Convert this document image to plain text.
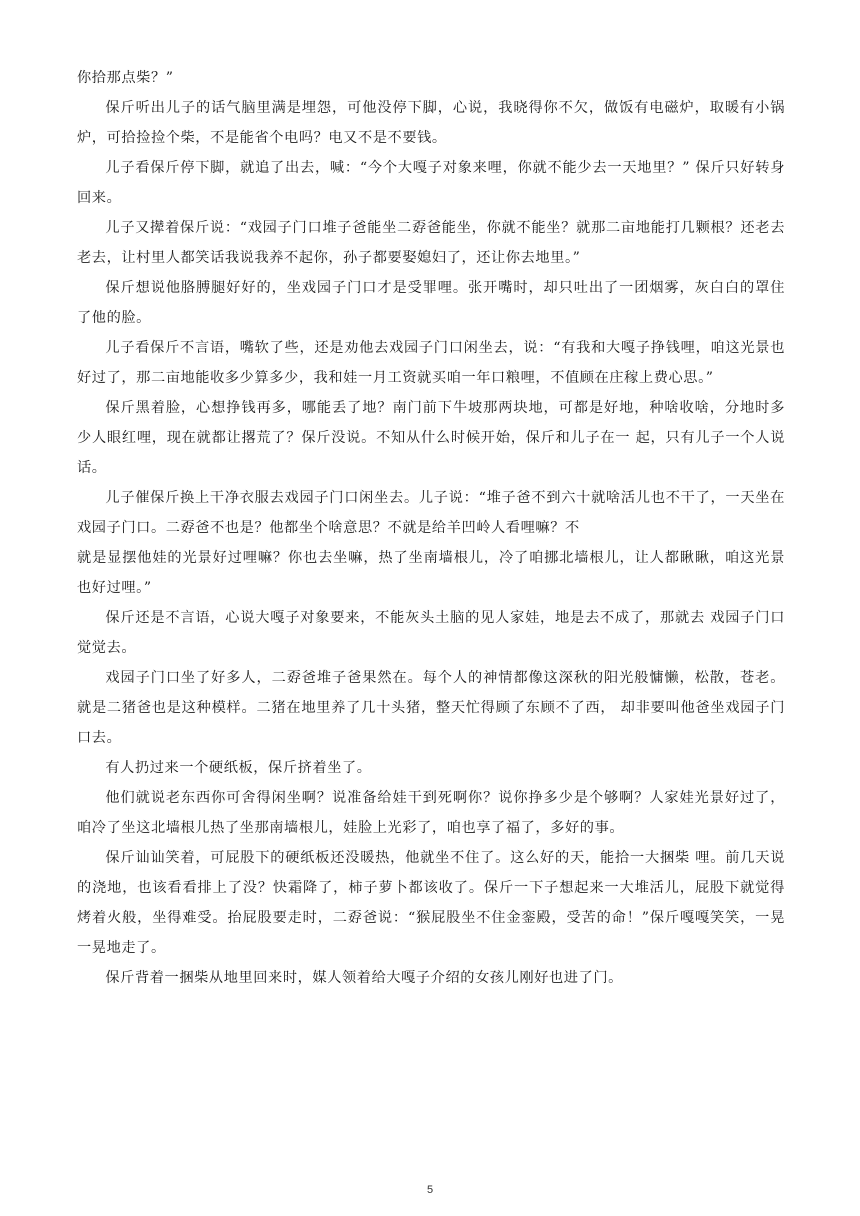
你拾那点柴？”

保斤听出儿子的话气脑里满是埋怨，可他没停下脚，心说，我晓得你不欠，做饭有电磁炉，取暖有小锅炉，可拾捡捡个柴，不是能省个电吗？电又不是不要钱。

儿子看保斤停下脚，就追了出去，喊：“今个大嘎子对象来哩，你就不能少去一天地里？” 保斤只好转身回来。

儿子又撵着保斤说：“戏园子门口堆子爸能坐二孬爸能坐，你就不能坐？就那二亩地能打几颗根？还老去老去，让村里人都笑话我说我养不起你，孙子都要娶媳妇了，还让你去地里。”

保斤想说他胳膊腿好好的，坐戏园子门口才是受罪哩。张开嘴时，却只吐出了一团烟雾，灰白白的罩住了他的脸。

儿子看保斤不言语，嘴软了些，还是劝他去戏园子门口闲坐去，说：“有我和大嘎子挣钱哩，咱这光景也好过了，那二亩地能收多少算多少，我和娃一月工资就买咱一年口粮哩，不值顾在庄稼上费心思。”

保斤黑着脸，心想挣钱再多，哪能丢了地？南门前下牛坡那两块地，可都是好地，种啥收啥，分地时多少人眼红哩，现在就都让撂荒了？保斤没说。不知从什么时候开始，保斤和儿子在一 起，只有儿子一个人说话。

儿子催保斤换上干净衣服去戏园子门口闲坐去。儿子说：“堆子爸不到六十就啥活儿也不干了，一天坐在戏园子门口。二孬爸不也是？他都坐个啥意思？不就是给羊凹岭人看哩嘛？不

就是显摆他娃的光景好过哩嘛？你也去坐嘛，热了坐南墙根儿，冷了咱挪北墙根儿，让人都瞅瞅，咱这光景也好过哩。”

保斤还是不言语，心说大嘎子对象要来，不能灰头土脑的见人家娃，地是去不成了，那就去 戏园子门口觉觉去。

戏园子门口坐了好多人，二孬爸堆子爸果然在。每个人的神情都像这深秋的阳光般慵懒，松散，苍老。就是二猪爸也是这种模样。二猪在地里养了几十头猪，整天忙得顾了东顾不了西， 却非要叫他爸坐戏园子门口去。

有人扔过来一个硬纸板，保斤挤着坐了。

他们就说老东西你可舍得闲坐啊？说准备给娃干到死啊你？说你挣多少是个够啊？人家娃光景好过了，咱冷了坐这北墙根儿热了坐那南墙根儿，娃脸上光彩了，咱也享了福了，多好的事。

保斤讪讪笑着，可屁股下的硬纸板还没暖热，他就坐不住了。这么好的天，能拾一大捆柴 哩。前几天说的浇地，也该看看排上了没？快霜降了，柿子萝卜都该收了。保斤一下子想起来一大堆活儿，屁股下就觉得烤着火般，坐得难受。抬屁股要走时，二孬爸说：“猴屁股坐不住金銮殿，受苦的命！”保斤嘎嘎笑笑，一晃一晃地走了。

保斤背着一捆柴从地里回来时，媒人领着给大嘎子介绍的女孩儿刚好也进了门。

5
